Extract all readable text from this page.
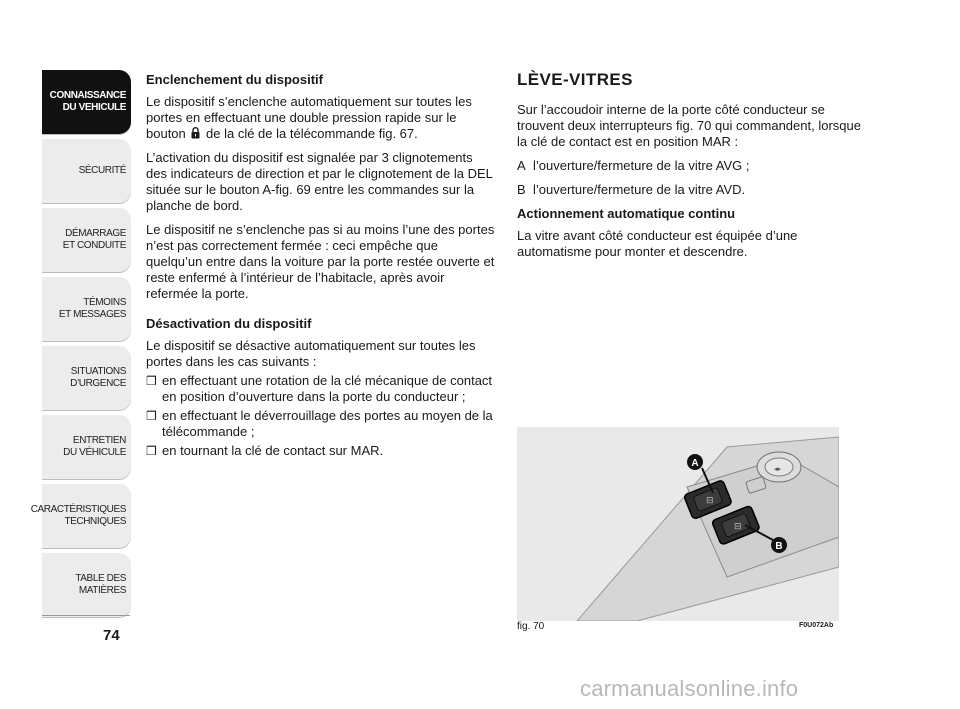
CONNAISSANCE
DU VEHICULE
SÉCURITÉ
DÉMARRAGE
ET CONDUITE
TÉMOINS
ET MESSAGES
SITUATIONS
D’URGENCE
ENTRETIEN
DU VÉHICULE
CARACTÉRISTIQUES
TECHNIQUES
TABLE DES
MATIÈRES
74
Enclenchement du dispositif

Le dispositif s’enclenche automatiquement sur toutes les portes en effectuant une double pression rapide sur le bouton de la clé de la télécommande fig. 67.

L’activation du dispositif est signalée par 3 clignotements des indicateurs de direction et par le clignotement de la DEL située sur le bouton A-fig. 69 entre les commandes sur la planche de bord.

Le dispositif ne s’enclenche pas si au moins l’une des portes n’est pas correctement fermée : ceci empêche que quelqu’un entre dans la voiture par la porte restée ouverte et reste enfermé à l’intérieur de l’habitacle, après avoir refermée la porte.

Désactivation du dispositif

Le dispositif se désactive automatiquement sur toutes les portes dans les cas suivants :

❒ en effectuant une rotation de la clé mécanique de contact en position d’ouverture dans la porte du conducteur ;
❒ en effectuant le déverrouillage des portes au moyen de la télécommande ;
❒ en tournant la clé de contact sur MAR.
LÈVE-VITRES

Sur l’accoudoir interne de la porte côté conducteur se trouvent deux interrupteurs fig. 70 qui commandent, lorsque la clé de contact est en position MAR :

A l’ouverture/fermeture de la vitre AVG ;
B l’ouverture/fermeture de la vitre AVD.
Actionnement automatique continu

La vitre avant côté conducteur est équipée d’une automatisme pour monter et descendre.

◂▸
⊟
⊟
A
B
fig. 70	F0U072Ab
carmanualsonline.info
